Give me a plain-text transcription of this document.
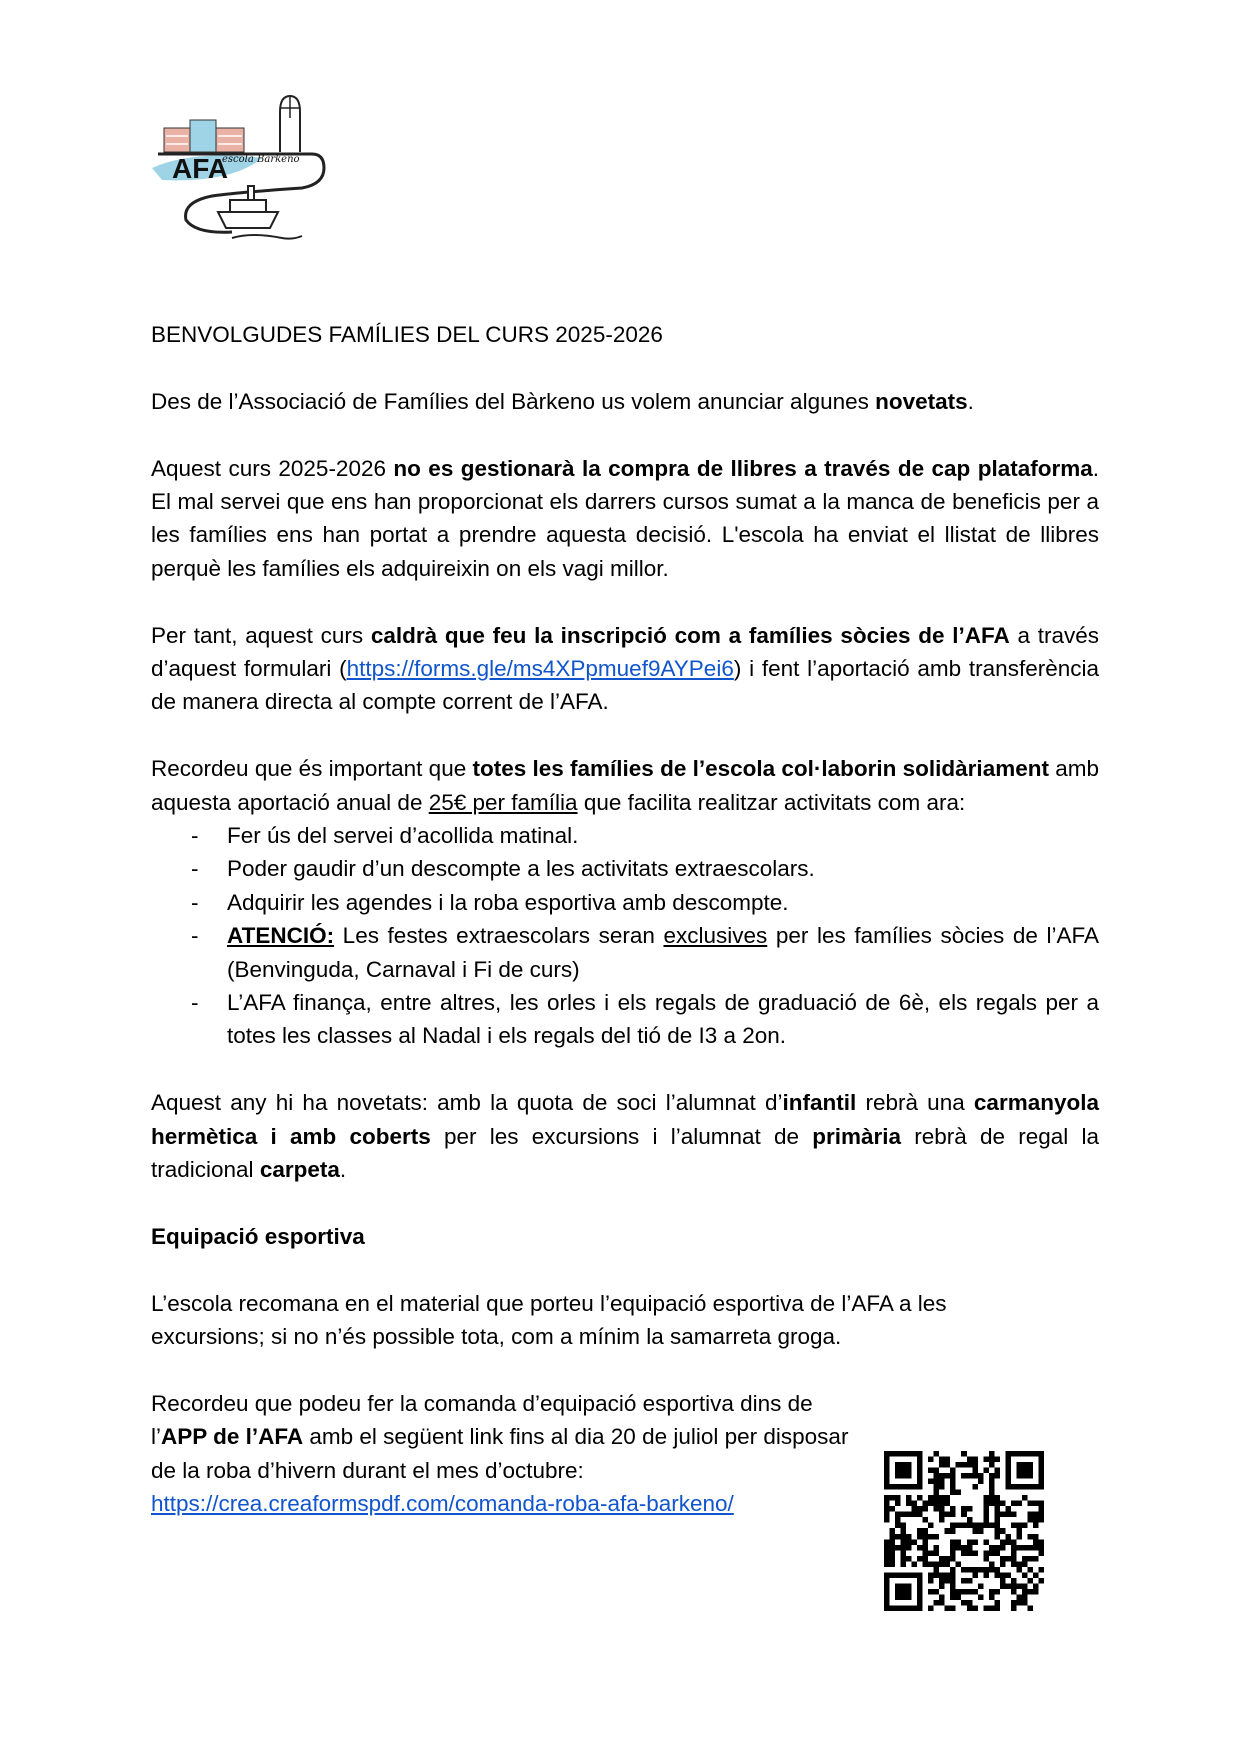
AFA
escola Bàrkeno

BENVOLGUDES FAMÍLIES DEL CURS 2025-2026

Des de l’Associació de Famílies del Bàrkeno us volem anunciar algunes novetats.

Aquest curs 2025-2026 no es gestionarà la compra de llibres a través de cap plataforma. El mal servei que ens han proporcionat els darrers cursos sumat a la manca de beneficis per a les famílies ens han portat a prendre aquesta decisió. L'escola ha enviat el llistat de llibres perquè les famílies els adquireixin on els vagi millor.

Per tant, aquest curs caldrà que feu la inscripció com a famílies sòcies de l’AFA a través d’aquest formulari (https://forms.gle/ms4XPpmuef9AYPei6) i fent l’aportació amb transferència de manera directa al compte corrent de l’AFA.

Recordeu que és important que totes les famílies de l’escola col·laborin solidàriament amb aquesta aportació anual de 25€ per família que facilita realitzar activitats com ara:

- Fer ús del servei d’acollida matinal.
- Poder gaudir d’un descompte a les activitats extraescolars.
- Adquirir les agendes i la roba esportiva amb descompte.
- ATENCIÓ: Les festes extraescolars seran exclusives per les famílies sòcies de l’AFA (Benvinguda, Carnaval i Fi de curs)
- L’AFA finança, entre altres, les orles i els regals de graduació de 6è, els regals per a totes les classes al Nadal i els regals del tió de I3 a 2on.

Aquest any hi ha novetats: amb la quota de soci l’alumnat d’infantil rebrà una carmanyola hermètica i amb coberts per les excursions i l’alumnat de primària rebrà de regal la tradicional carpeta.

Equipació esportiva

L’escola recomana en el material que porteu l’equipació esportiva de l’AFA a les excursions; si no n’és possible tota, com a mínim la samarreta groga.

Recordeu que podeu fer la comanda d’equipació esportiva dins de l’APP de l’AFA amb el següent link fins al dia 20 de juliol per disposar de la roba d’hivern durant el mes d’octubre: https://crea.creaformspdf.com/comanda-roba-afa-barkeno/
